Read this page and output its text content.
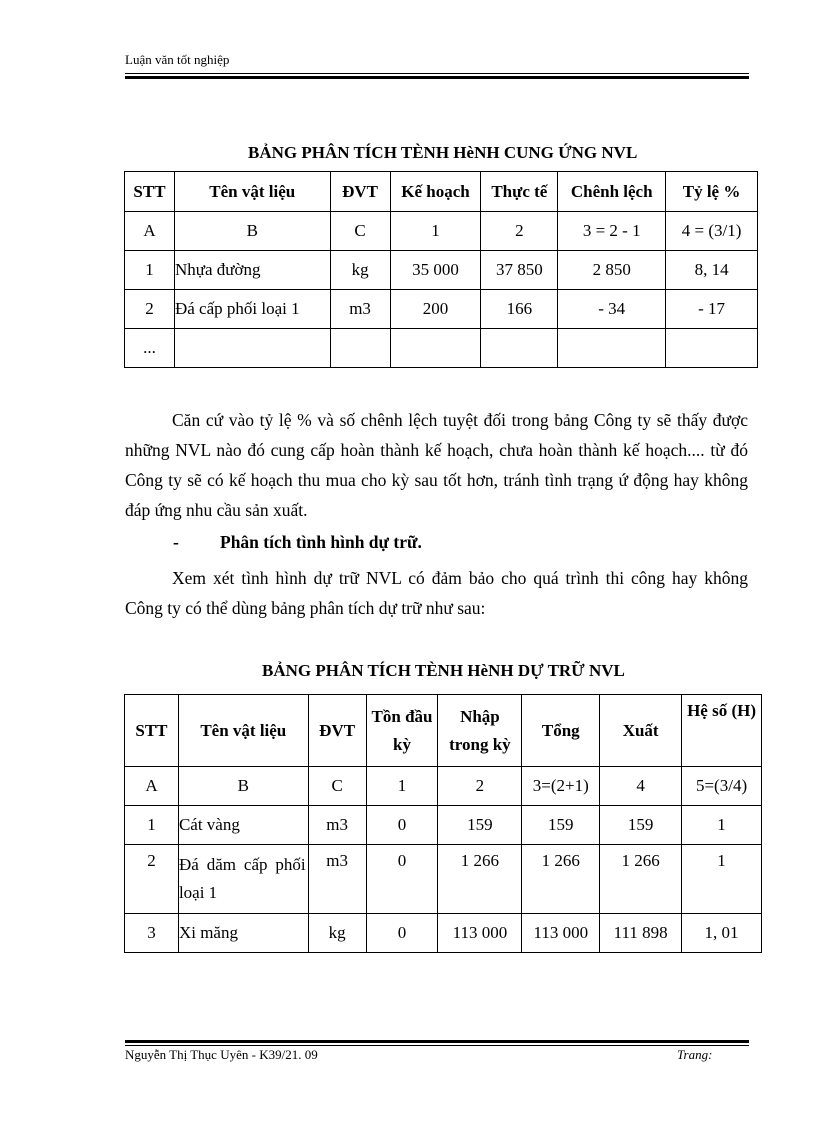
Luận văn tốt nghiệp
BẢNG PHÂN TÍCH TÈNH HèNH CUNG ỨNG NVL
STT	Tên vật liệu	ĐVT	Kế hoạch	Thực tế	Chênh lệch	Tỷ lệ %
A	B	C	1	2	3 = 2 - 1	4 = (3/1)
1	Nhựa đường	kg	35 000	37 850	2 850	8, 14
2	Đá cấp phối loại 1	m3	200	166	- 34	- 17
...						
Căn cứ vào tỷ lệ % và số chênh lệch tuyệt đối trong bảng Công ty sẽ thấy được những NVL nào đó cung cấp hoàn thành kế hoạch, chưa hoàn thành kế hoạch.... từ đó Công ty sẽ có kế hoạch thu mua cho kỳ sau tốt hơn, tránh tình trạng ứ động hay không đáp ứng nhu cầu sản xuất.
- Phân tích tình hình dự trữ.
Xem xét tình hình dự trữ NVL có đảm bảo cho quá trình thi công hay không Công ty có thể dùng bảng phân tích dự trữ như sau:
BẢNG PHÂN TÍCH TÈNH HèNH DỰ TRỮ NVL
STT	Tên vật liệu	ĐVT	Tồn đầu kỳ	Nhập trong kỳ	Tổng	Xuất	Hệ số (H)
A	B	C	1	2	3=(2+1)	4	5=(3/4)
1	Cát vàng	m3	0	159	159	159	1
2	Đá dăm cấp phối loại 1	m3	0	1 266	1 266	1 266	1
3	Xi măng	kg	0	113 000	113 000	111 898	1, 01
Nguyễn Thị Thục Uyên - K39/21. 09	Trang:
